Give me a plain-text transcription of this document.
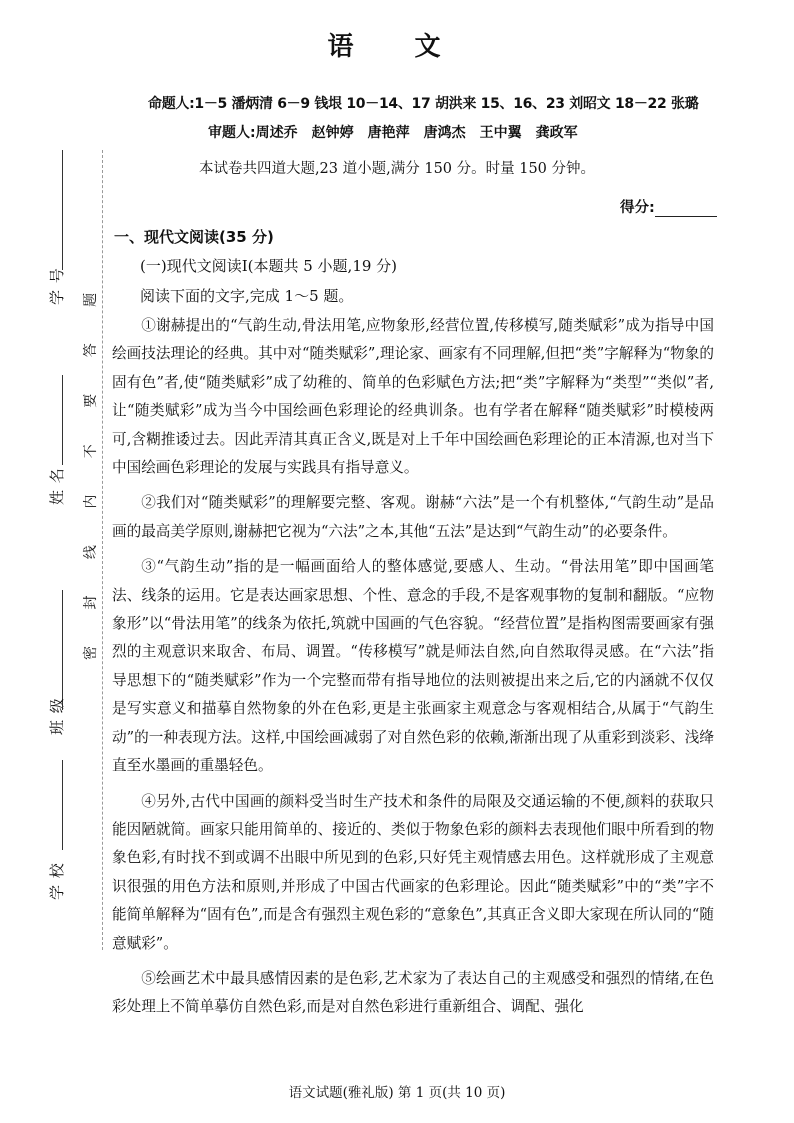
学 号
姓 名
班 级
学 校
密 封 线 内 不 要 答 题
语 文
命题人:1－5 潘炳清 6－9 钱垠 10－14、17 胡洪来 15、16、23 刘昭文 18－22 张璐
审题人:周述乔 赵钟婷 唐艳萍 唐鸿杰 王中翼 龚政军
本试卷共四道大题,23 道小题,满分 150 分。时量 150 分钟。
得分:
一、现代文阅读(35 分)
(一)现代文阅读Ⅰ(本题共 5 小题,19 分)
阅读下面的文字,完成 1～5 题。

①谢赫提出的“气韵生动,骨法用笔,应物象形,经营位置,传移模写,随类赋彩”成为指导中国绘画技法理论的经典。其中对“随类赋彩”,理论家、画家有不同理解,但把“类”字解释为“物象的固有色”者,使“随类赋彩”成了幼稚的、简单的色彩赋色方法;把“类”字解释为“类型”“类似”者,让“随类赋彩”成为当今中国绘画色彩理论的经典训条。也有学者在解释“随类赋彩”时模棱两可,含糊推诿过去。因此弄清其真正含义,既是对上千年中国绘画色彩理论的正本清源,也对当下中国绘画色彩理论的发展与实践具有指导意义。

②我们对“随类赋彩”的理解要完整、客观。谢赫“六法”是一个有机整体,“气韵生动”是品画的最高美学原则,谢赫把它视为“六法”之本,其他“五法”是达到“气韵生动”的必要条件。

③“气韵生动”指的是一幅画面给人的整体感觉,要感人、生动。“骨法用笔”即中国画笔法、线条的运用。它是表达画家思想、个性、意念的手段,不是客观事物的复制和翻版。“应物象形”以“骨法用笔”的线条为依托,筑就中国画的气色容貌。“经营位置”是指构图需要画家有强烈的主观意识来取舍、布局、调置。“传移模写”就是师法自然,向自然取得灵感。在“六法”指导思想下的“随类赋彩”作为一个完整而带有指导地位的法则被提出来之后,它的内涵就不仅仅是写实意义和描摹自然物象的外在色彩,更是主张画家主观意念与客观相结合,从属于“气韵生动”的一种表现方法。这样,中国绘画减弱了对自然色彩的依赖,渐渐出现了从重彩到淡彩、浅绛直至水墨画的重墨轻色。

④另外,古代中国画的颜料受当时生产技术和条件的局限及交通运输的不便,颜料的获取只能因陋就简。画家只能用简单的、接近的、类似于物象色彩的颜料去表现他们眼中所看到的物象色彩,有时找不到或调不出眼中所见到的色彩,只好凭主观情感去用色。这样就形成了主观意识很强的用色方法和原则,并形成了中国古代画家的色彩理论。因此“随类赋彩”中的“类”字不能简单解释为“固有色”,而是含有强烈主观色彩的“意象色”,其真正含义即大家现在所认同的“随意赋彩”。

⑤绘画艺术中最具感情因素的是色彩,艺术家为了表达自己的主观感受和强烈的情绪,在色彩处理上不简单摹仿自然色彩,而是对自然色彩进行重新组合、调配、强化

语文试题(雅礼版) 第 1 页(共 10 页)
